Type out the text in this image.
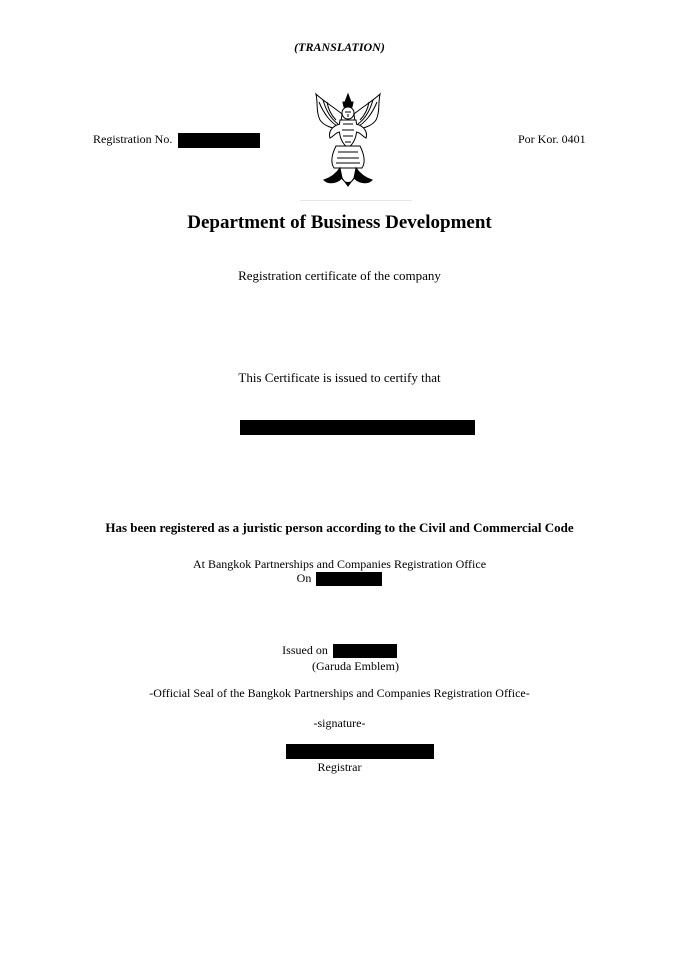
(TRANSLATION)
Registration No.	Por Kor. 0401
Department of Business Development
Registration certificate of the company
This Certificate is issued to certify that
Has been registered as a juristic person according to the Civil and Commercial Code
At Bangkok Partnerships and Companies Registration Office
On
Issued on
(Garuda Emblem)
-Official Seal of the Bangkok Partnerships and Companies Registration Office-
-signature-
Registrar
